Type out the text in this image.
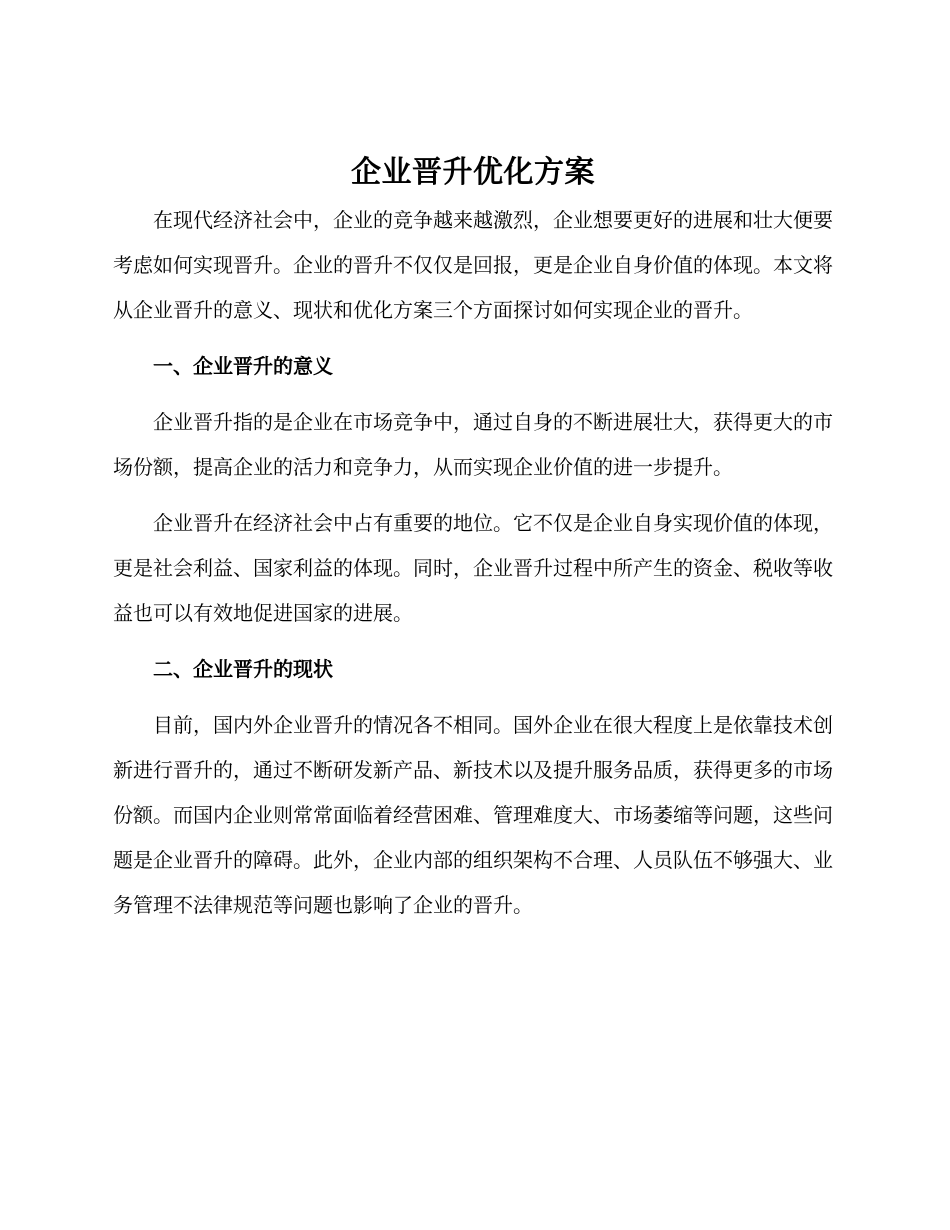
企业晋升优化方案

在现代经济社会中，企业的竞争越来越激烈，企业想要更好的进展和壮大便要考虑如何实现晋升。企业的晋升不仅仅是回报，更是企业自身价值的体现。本文将从企业晋升的意义、现状和优化方案三个方面探讨如何实现企业的晋升。

一、企业晋升的意义

企业晋升指的是企业在市场竞争中，通过自身的不断进展壮大，获得更大的市场份额，提高企业的活力和竞争力，从而实现企业价值的进一步提升。

企业晋升在经济社会中占有重要的地位。它不仅是企业自身实现价值的体现，更是社会利益、国家利益的体现。同时，企业晋升过程中所产生的资金、税收等收益也可以有效地促进国家的进展。

二、企业晋升的现状

目前，国内外企业晋升的情况各不相同。国外企业在很大程度上是依靠技术创新进行晋升的，通过不断研发新产品、新技术以及提升服务品质，获得更多的市场份额。而国内企业则常常面临着经营困难、管理难度大、市场萎缩等问题，这些问题是企业晋升的障碍。此外，企业内部的组织架构不合理、人员队伍不够强大、业务管理不法律规范等问题也影响了企业的晋升。
